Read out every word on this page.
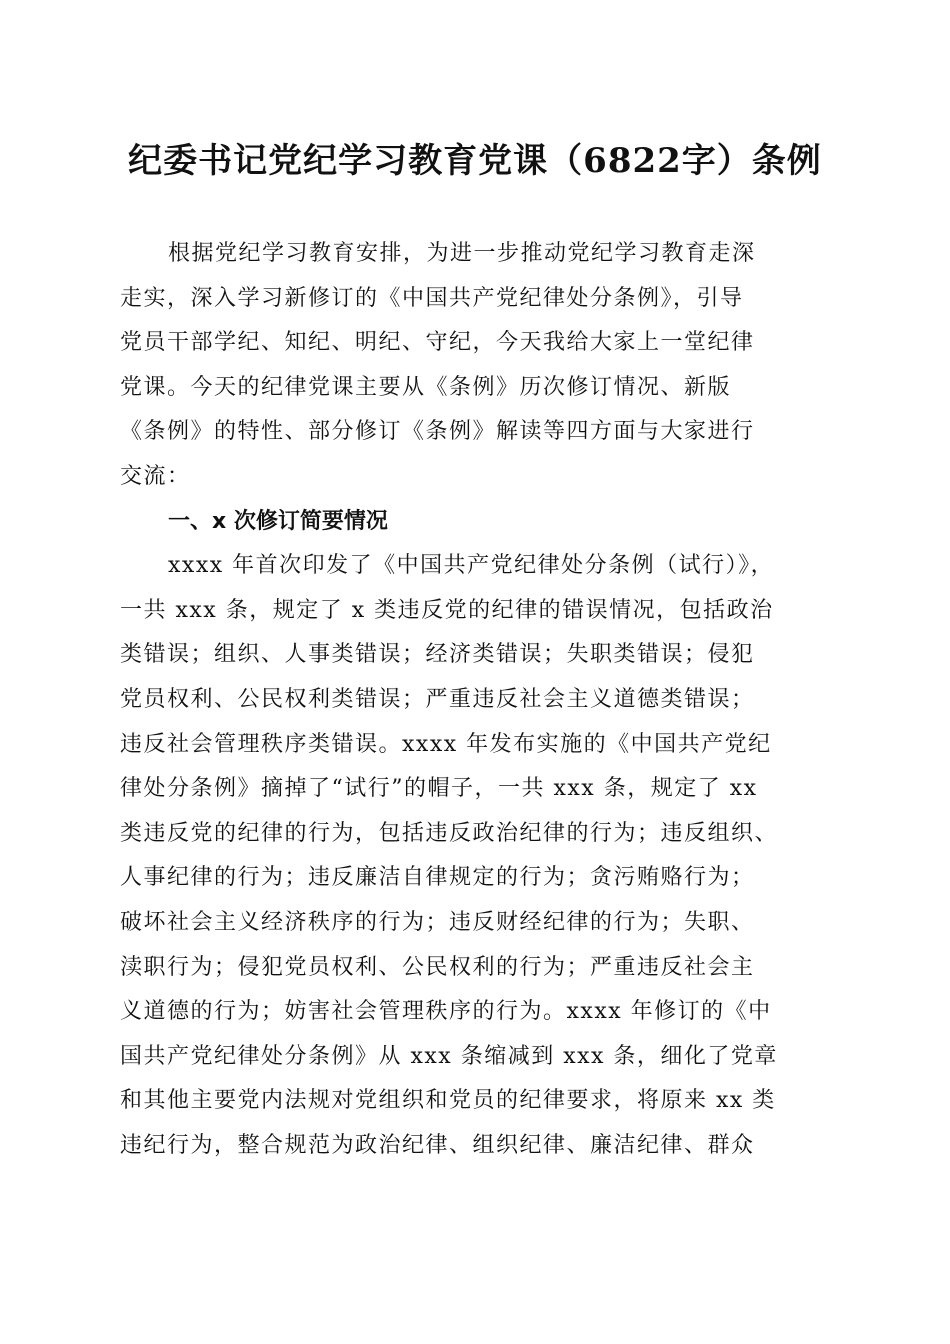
纪委书记党纪学习教育党课（6822字）条例
根据党纪学习教育安排，为进一步推动党纪学习教育走深
走实，深入学习新修订的《中国共产党纪律处分条例》，引导
党员干部学纪、知纪、明纪、守纪，今天我给大家上一堂纪律
党课。今天的纪律党课主要从《条例》历次修订情况、新版
《条例》的特性、部分修订《条例》解读等四方面与大家进行
交流：
一、x 次修订简要情况
xxxx 年首次印发了《中国共产党纪律处分条例（试行）》，
一共 xxx 条，规定了 x 类违反党的纪律的错误情况，包括政治
类错误；组织、人事类错误；经济类错误；失职类错误；侵犯
党员权利、公民权利类错误；严重违反社会主义道德类错误；
违反社会管理秩序类错误。xxxx 年发布实施的《中国共产党纪
律处分条例》摘掉了“试行”的帽子，一共 xxx 条，规定了 xx
类违反党的纪律的行为，包括违反政治纪律的行为；违反组织、
人事纪律的行为；违反廉洁自律规定的行为；贪污贿赂行为；
破坏社会主义经济秩序的行为；违反财经纪律的行为；失职、
渎职行为；侵犯党员权利、公民权利的行为；严重违反社会主
义道德的行为；妨害社会管理秩序的行为。xxxx 年修订的《中
国共产党纪律处分条例》从 xxx 条缩减到 xxx 条，细化了党章
和其他主要党内法规对党组织和党员的纪律要求，将原来 xx 类
违纪行为，整合规范为政治纪律、组织纪律、廉洁纪律、群众
